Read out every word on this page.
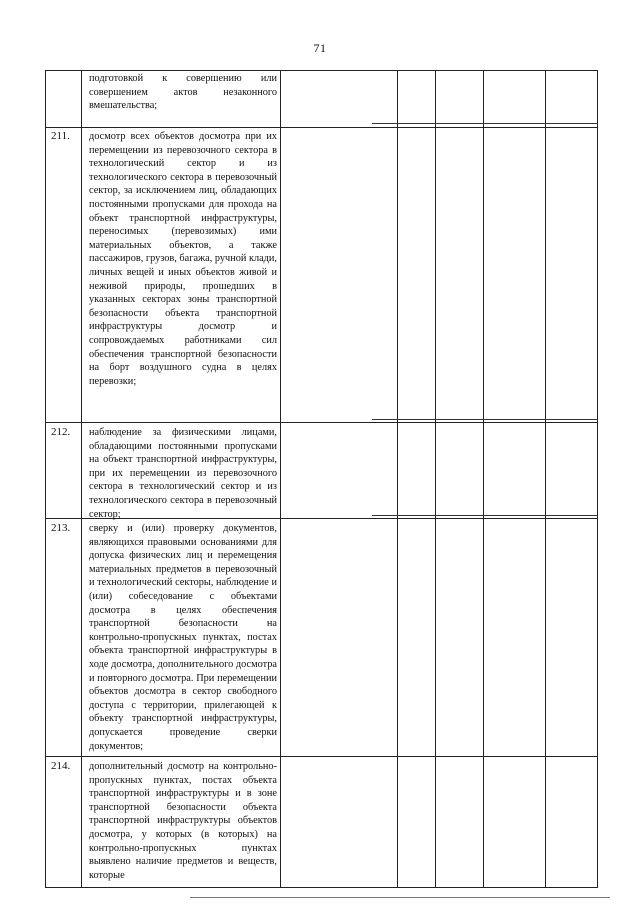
71
подготовкой к совершению или совершением актов незаконного вмешательства;
211. досмотр всех объектов досмотра при их перемещении из перевозочного сектора в технологический сектор и из технологического сектора в перевозочный сектор, за исключением лиц, обладающих постоянными пропусками для прохода на объект транспортной инфраструктуры, переносимых (перевозимых) ими материальных объектов, а также пассажиров, грузов, багажа, ручной клади, личных вещей и иных объектов живой и неживой природы, прошедших в указанных секторах зоны транспортной безопасности объекта транспортной инфраструктуры досмотр и сопровождаемых работниками сил обеспечения транспортной безопасности на борт воздушного судна в целях перевозки;
212. наблюдение за физическими лицами, обладающими постоянными пропусками на объект транспортной инфраструктуры, при их перемещении из перевозочного сектора в технологический сектор и из технологического сектора в перевозочный сектор;
213. сверку и (или) проверку документов, являющихся правовыми основаниями для допуска физических лиц и перемещения материальных предметов в перевозочный и технологический секторы, наблюдение и (или) собеседование с объектами досмотра в целях обеспечения транспортной безопасности на контрольно-пропускных пунктах, постах объекта транспортной инфраструктуры в ходе досмотра, дополнительного досмотра и повторного досмотра. При перемещении объектов досмотра в сектор свободного доступа с территории, прилегающей к объекту транспортной инфраструктуры, допускается проведение сверки документов;
214. дополнительный досмотр на контрольно-пропускных пунктах, постах объекта транспортной инфраструктуры и в зоне транспортной безопасности объекта транспортной инфраструктуры объектов досмотра, у которых (в которых) на контрольно-пропускных пунктах выявлено наличие предметов и веществ, которые
